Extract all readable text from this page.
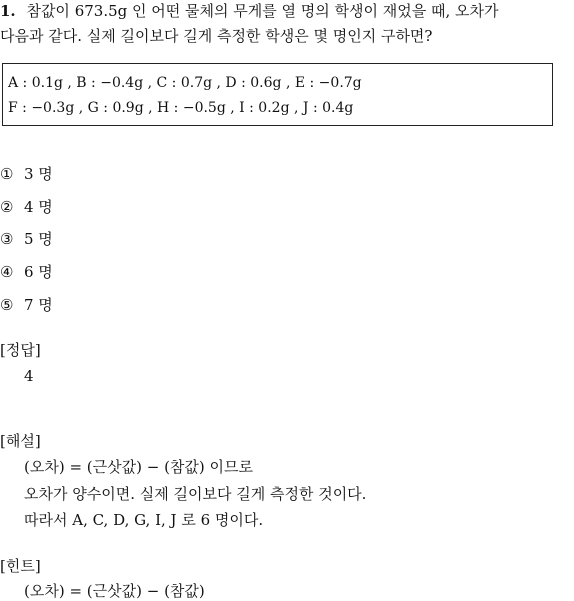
1. 참값이 673.5g 인 어떤 물체의 무게를 열 명의 학생이 재었을 때, 오차가
다음과 같다. 실제 길이보다 길게 측정한 학생은 몇 명인지 구하면?
A : 0.1g , B : −0.4g , C : 0.7g , D : 0.6g , E : −0.7g
F : −0.3g , G : 0.9g , H : −0.5g , I : 0.2g , J : 0.4g
① 3 명
② 4 명
③ 5 명
④ 6 명
⑤ 7 명
[정답]
4
[해설]
(오차) = (근삿값) − (참값) 이므로
오차가 양수이면. 실제 길이보다 길게 측정한 것이다.
따라서 A, C, D, G, I, J 로 6 명이다.
[힌트]
(오차) = (근삿값) − (참값)
